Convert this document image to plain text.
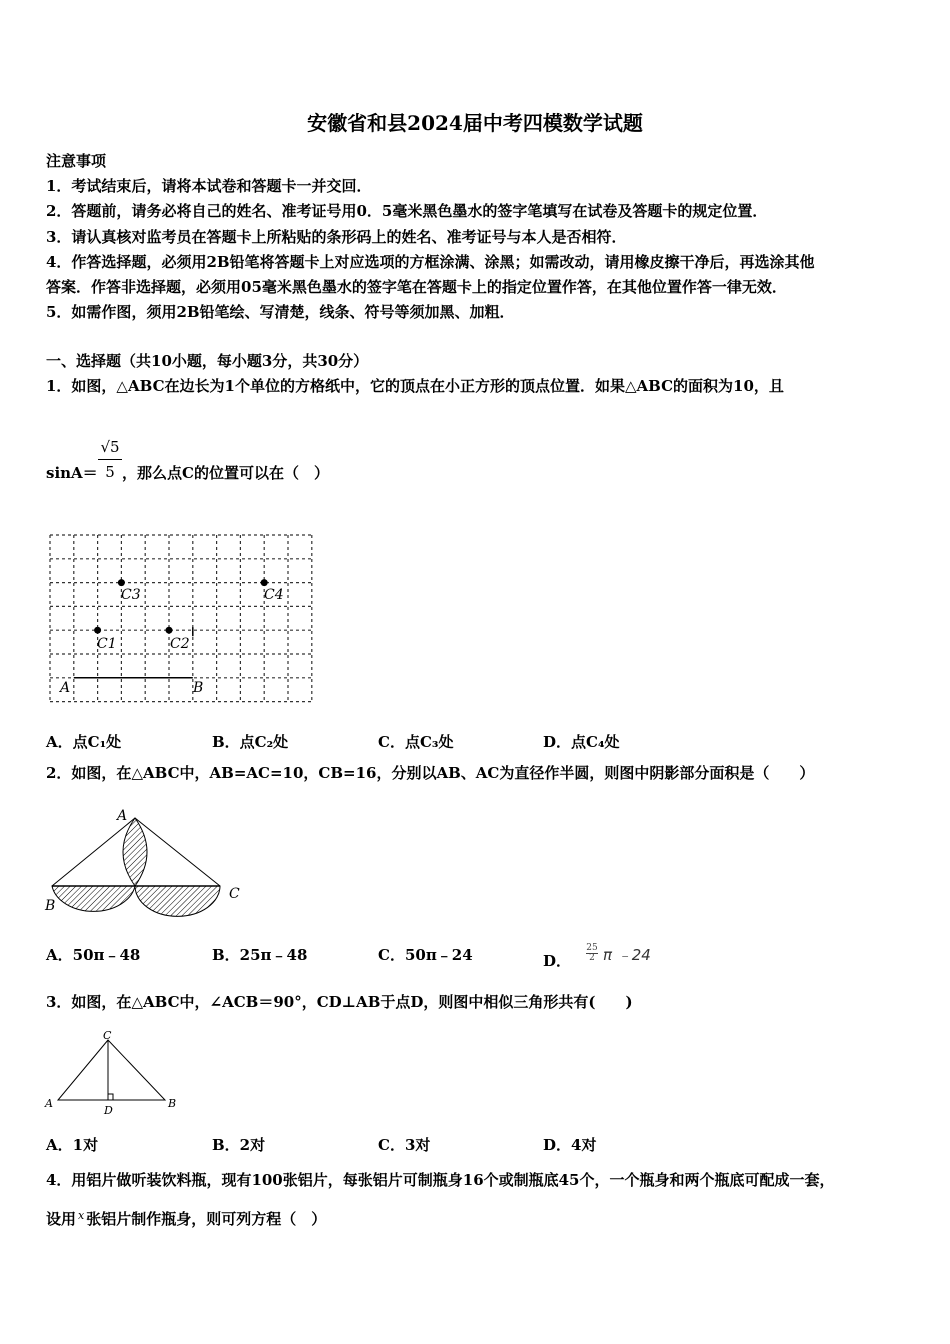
安徽省和县2024届中考四模数学试题
注意事项
1．考试结束后，请将本试卷和答题卡一并交回．
2．答题前，请务必将自己的姓名、准考证号用0．5毫米黑色墨水的签字笔填写在试卷及答题卡的规定位置．
3．请认真核对监考员在答题卡上所粘贴的条形码上的姓名、准考证号与本人是否相符．
4．作答选择题，必须用2B铅笔将答题卡上对应选项的方框涂满、涂黑；如需改动，请用橡皮擦干净后，再选涂其他
答案．作答非选择题，必须用05毫米黑色墨水的签字笔在答题卡上的指定位置作答，在其他位置作答一律无效．
5．如需作图，须用2B铅笔绘、写清楚，线条、符号等须加黑、加粗．
一、选择题（共10小题，每小题3分，共30分）
1．如图，△ABC在边长为1个单位的方格纸中，它的顶点在小正方形的顶点位置．如果△ABC的面积为10，且
sinA＝
√5
5 ，那么点C的位置可以在（　）
A	B
C3	C4
C1	C2
A．点C₁处	B．点C₂处	C．点C₃处	D．点C₄处
2．如图，在△ABC中，AB=AC=10，CB=16，分别以AB、AC为直径作半圆，则图中阴影部分面积是（　　）
A
B
C
A．50π﹣48	B．25π﹣48	C．50π﹣24	D． $\frac{25}{2}$ π ﹣24
3．如图，在△ABC中，∠ACB＝90°，CD⊥AB于点D，则图中相似三角形共有(　　)
C
A	B
D
A．1对	B．2对	C．3对	D．4对
4．用铝片做听装饮料瓶，现有100张铝片，每张铝片可制瓶身16个或制瓶底45个，一个瓶身和两个瓶底可配成一套，
设用 $^x$ 张铝片制作瓶身，则可列方程（　）
